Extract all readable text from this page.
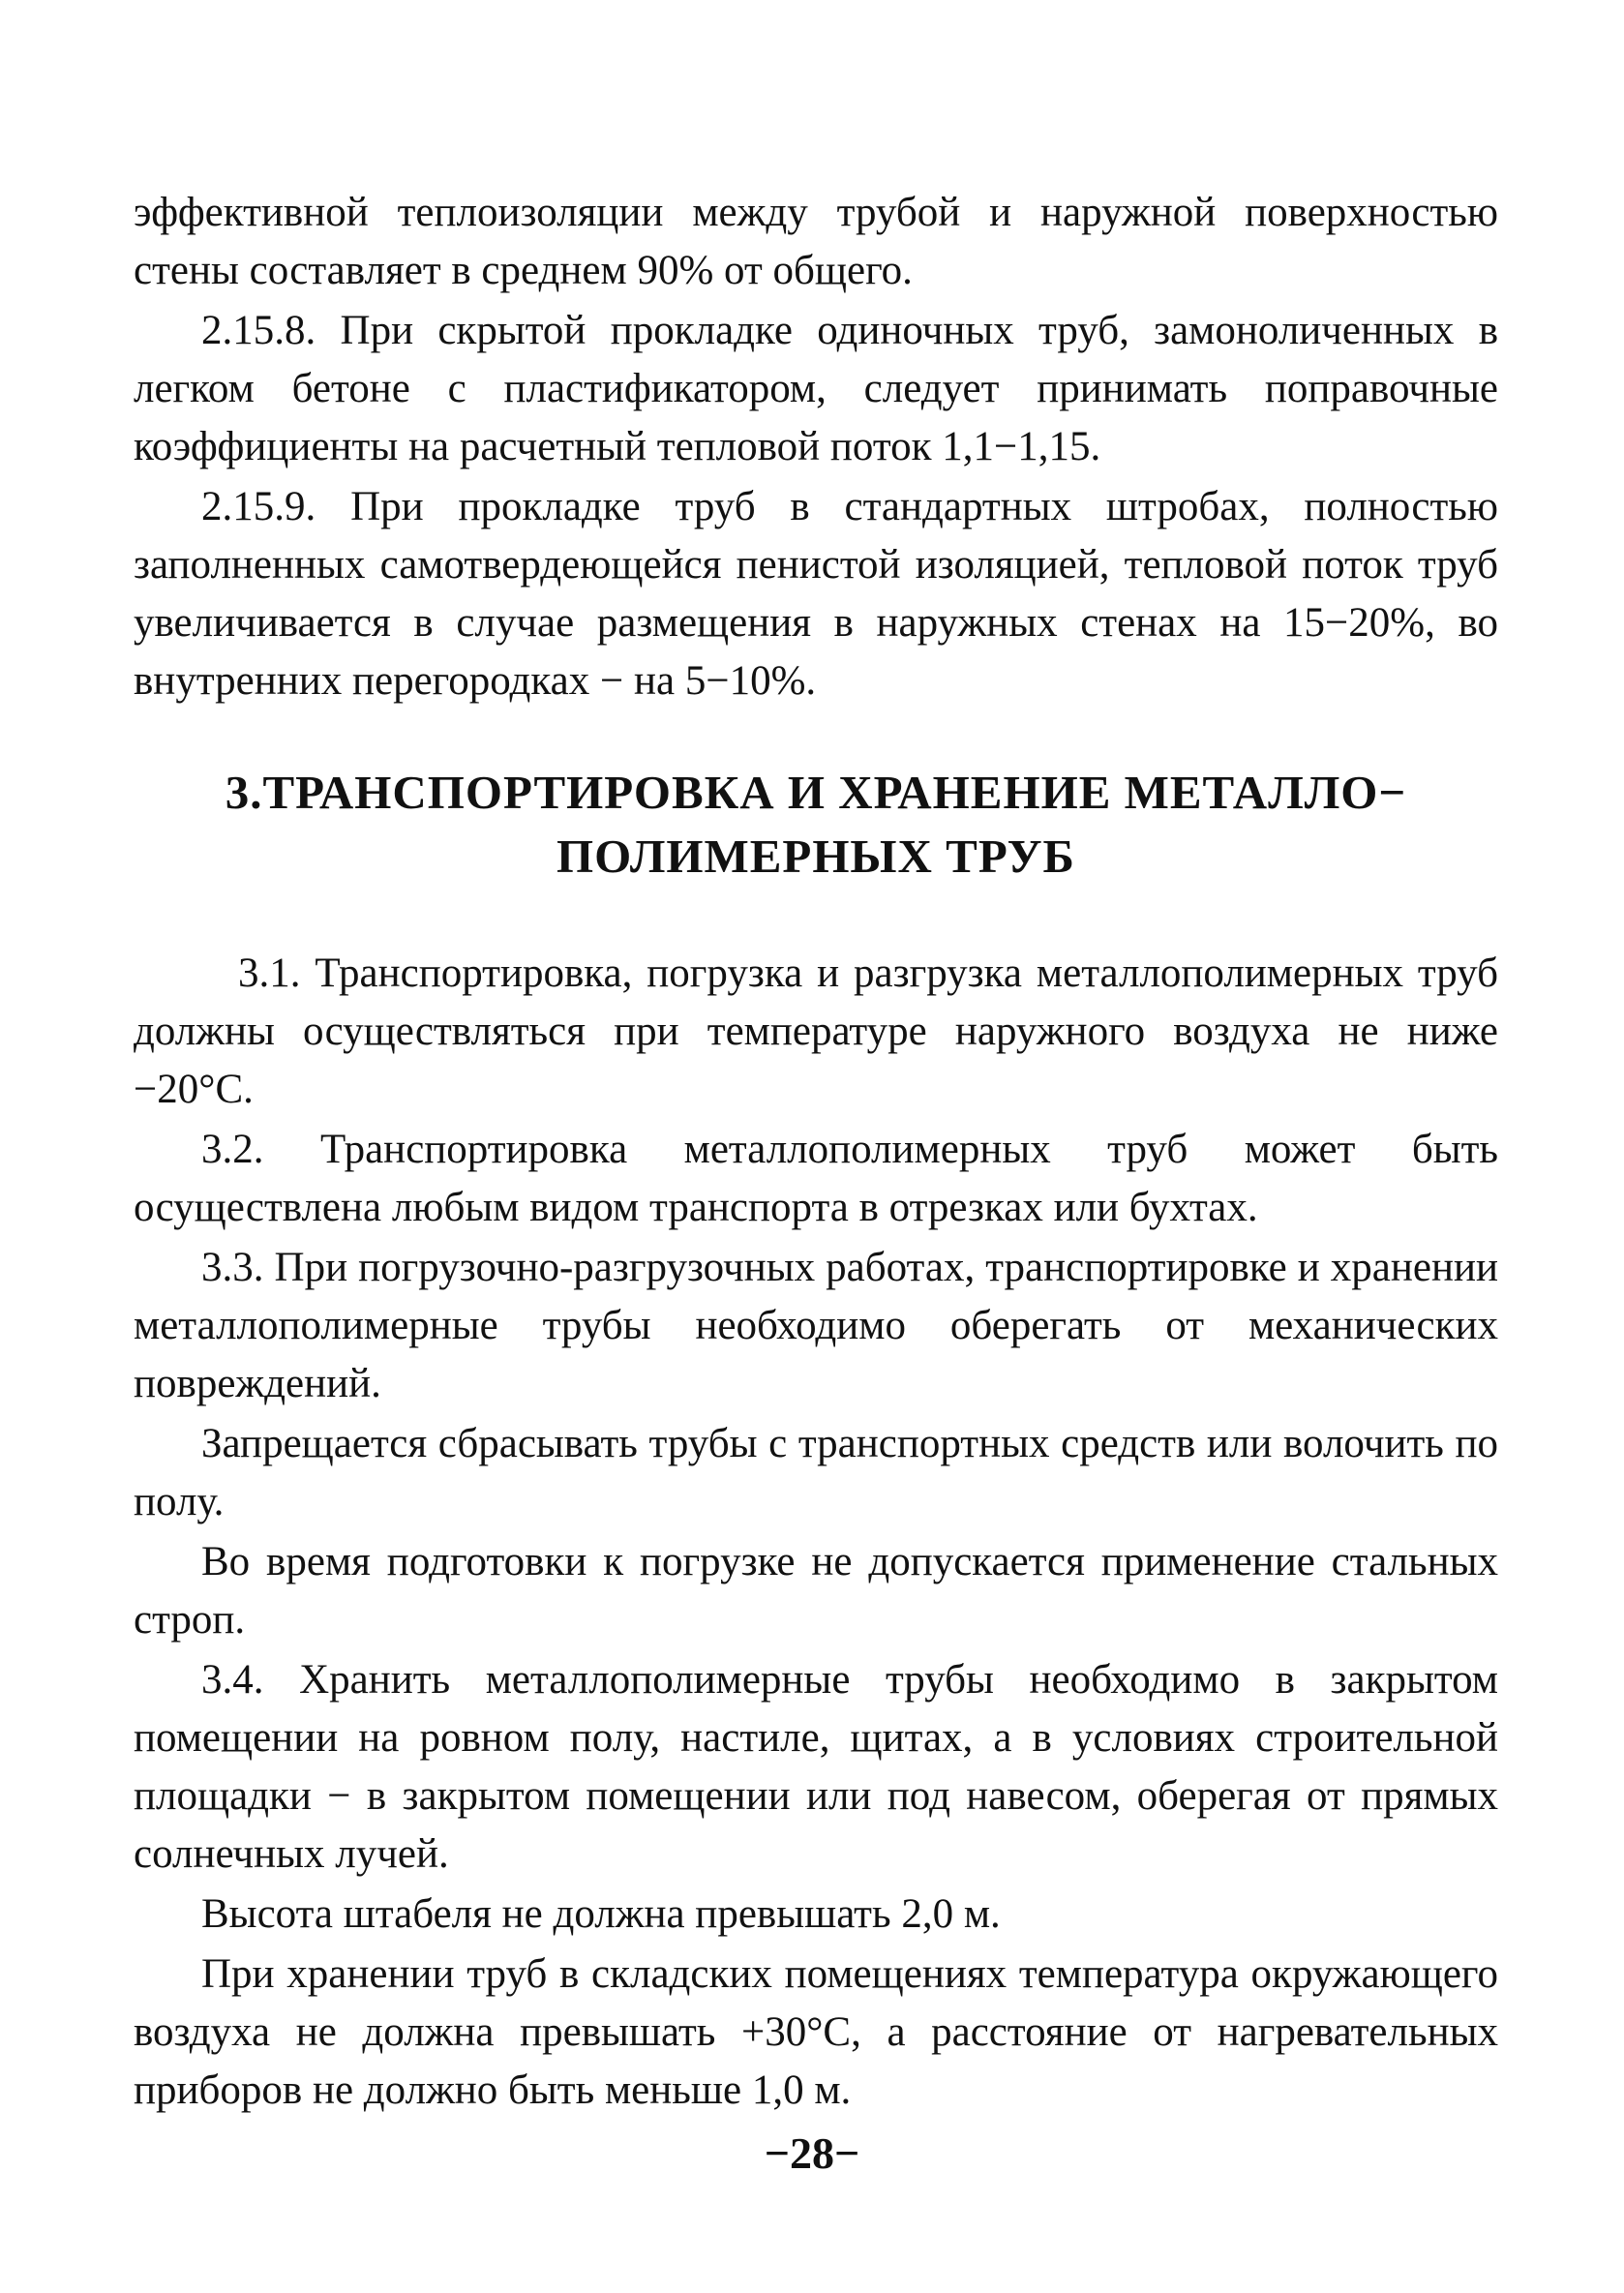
эффективной теплоизоляции между трубой и наружной поверхностью стены составляет в среднем 90% от общего.

2.15.8. При скрытой прокладке одиночных труб, замоноличенных в легком бетоне с пластификатором, следует принимать поправочные коэффициенты на расчетный тепловой поток 1,1−1,15.

2.15.9. При прокладке труб в стандартных штробах, полностью заполненных самотвердеющейся пенистой изоляцией, тепловой поток труб увеличивается в случае размещения в наружных стенах на 15−20%, во внутренних перегородках − на 5−10%.

3.ТРАНСПОРТИРОВКА И ХРАНЕНИЕ МЕТАЛЛО−
ПОЛИМЕРНЫХ ТРУБ

3.1. Транспортировка, погрузка и разгрузка металлополимерных труб должны осуществляться при температуре наружного воздуха не ниже −20°С.

3.2. Транспортировка металлополимерных труб может быть осуществлена любым видом транспорта в отрезках или бухтах.

3.3. При погрузочно-разгрузочных работах, транспортировке и хранении металлополимерные трубы необходимо оберегать от механических повреждений.

Запрещается сбрасывать трубы с транспортных средств или волочить по полу.

Во время подготовки к погрузке не допускается применение стальных строп.

3.4. Хранить металлополимерные трубы необходимо в закрытом помещении на ровном полу, настиле, щитах, а в условиях строительной площадки − в закрытом помещении или под навесом, оберегая от прямых солнечных лучей.

Высота штабеля не должна превышать 2,0 м.

При хранении труб в складских помещениях температура окружающего воздуха не должна превышать +30°С, а расстояние от нагревательных приборов не должно быть меньше 1,0 м.

−28−
